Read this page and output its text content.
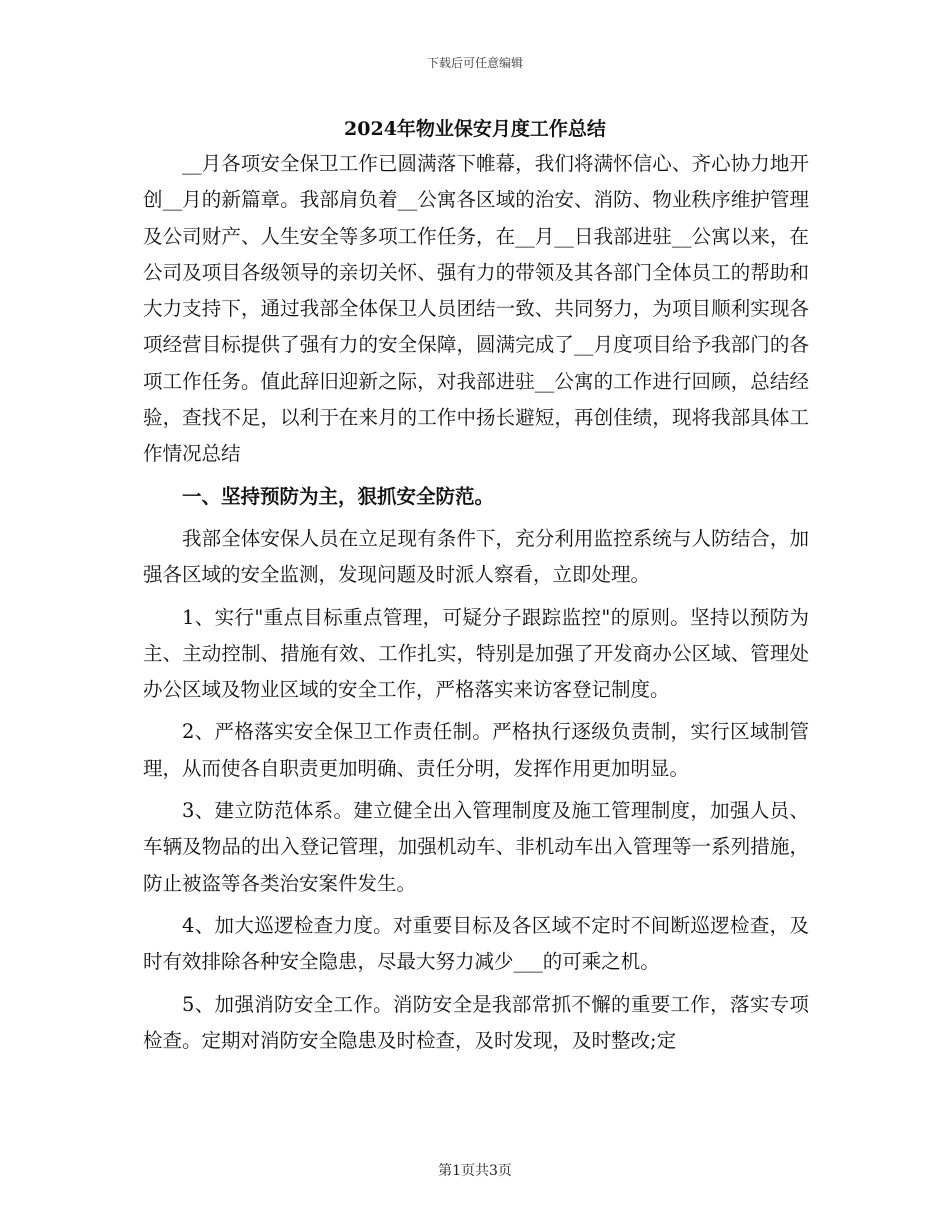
下载后可任意编辑
2024年物业保安月度工作总结

__月各项安全保卫工作已圆满落下帷幕，我们将满怀信心、齐心协力地开创__月的新篇章。我部肩负着__公寓各区域的治安、消防、物业秩序维护管理及公司财产、人生安全等多项工作任务，在__月__日我部进驻__公寓以来，在公司及项目各级领导的亲切关怀、强有力的带领及其各部门全体员工的帮助和大力支持下，通过我部全体保卫人员团结一致、共同努力，为项目顺利实现各项经营目标提供了强有力的安全保障，圆满完成了__月度项目给予我部门的各项工作任务。值此辞旧迎新之际，对我部进驻__公寓的工作进行回顾，总结经验，查找不足，以利于在来月的工作中扬长避短，再创佳绩，现将我部具体工作情况总结

一、坚持预防为主，狠抓安全防范。

我部全体安保人员在立足现有条件下，充分利用监控系统与人防结合，加强各区域的安全监测，发现问题及时派人察看，立即处理。

1、实行"重点目标重点管理，可疑分子跟踪监控"的原则。坚持以预防为主、主动控制、措施有效、工作扎实，特别是加强了开发商办公区域、管理处办公区域及物业区域的安全工作，严格落实来访客登记制度。

2、严格落实安全保卫工作责任制。严格执行逐级负责制，实行区域制管理，从而使各自职责更加明确、责任分明，发挥作用更加明显。

3、建立防范体系。建立健全出入管理制度及施工管理制度，加强人员、车辆及物品的出入登记管理，加强机动车、非机动车出入管理等一系列措施，防止被盗等各类治安案件发生。

4、加大巡逻检查力度。对重要目标及各区域不定时不间断巡逻检查，及时有效排除各种安全隐患，尽最大努力减少___的可乘之机。

5、加强消防安全工作。消防安全是我部常抓不懈的重要工作，落实专项检查。定期对消防安全隐患及时检查，及时发现，及时整改;定

第1页共3页
